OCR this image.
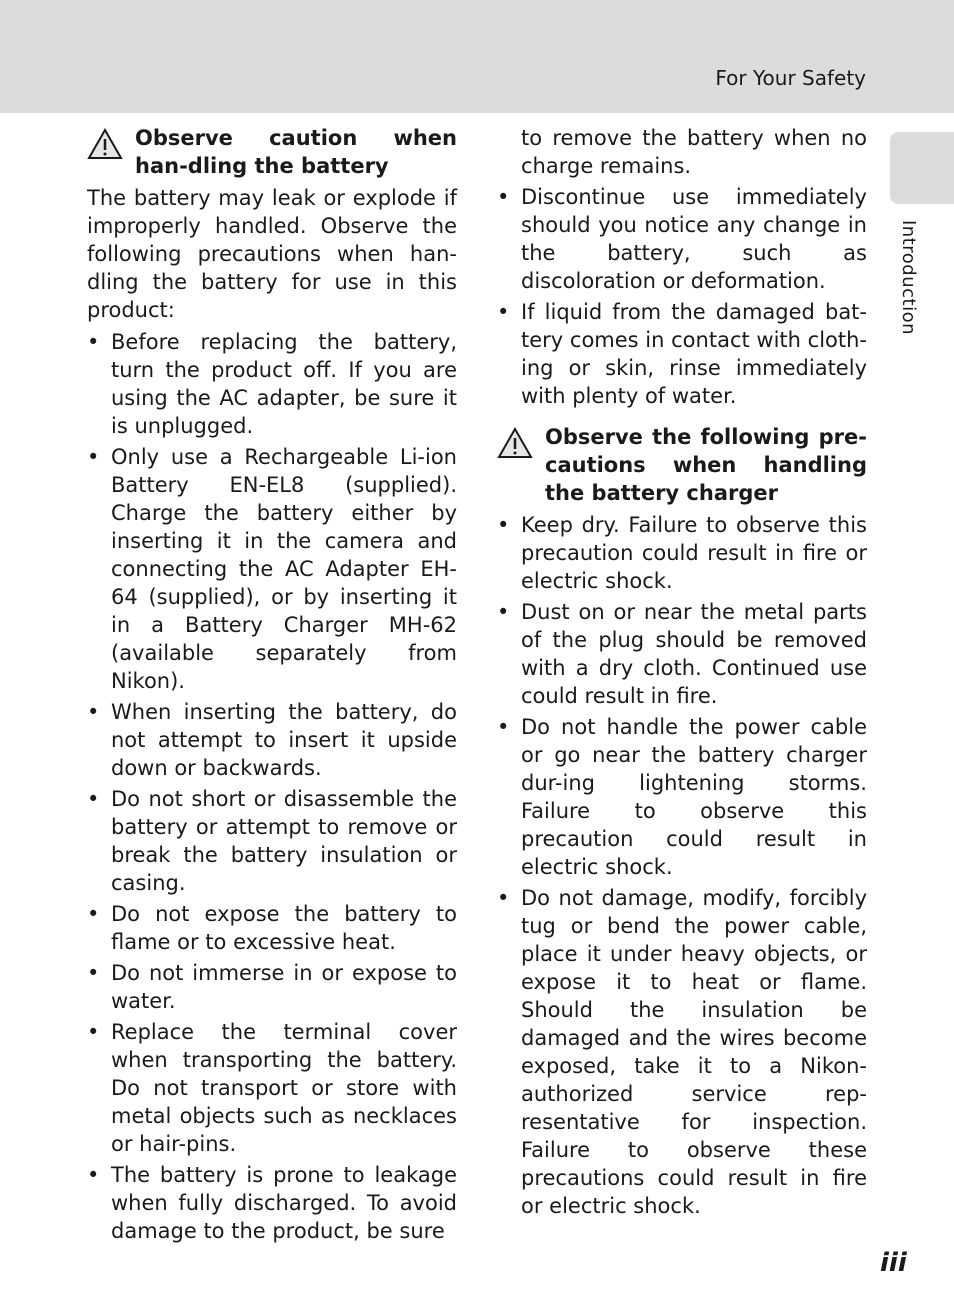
For Your Safety
Introduction
Observe caution when han-dling the battery

The battery may leak or explode if improperly handled. Observe the following precautions when han-dling the battery for use in this product:

• Before replacing the battery, turn the product off. If you are using the AC adapter, be sure it is unplugged.
• Only use a Rechargeable Li-ion Battery EN-EL8 (supplied). Charge the battery either by inserting it in the camera and connecting the AC Adapter EH-64 (supplied), or by inserting it in a Battery Charger MH-62 (available separately from Nikon).
• When inserting the battery, do not attempt to insert it upside down or backwards.
• Do not short or disassemble the battery or attempt to remove or break the battery insulation or casing.
• Do not expose the battery to flame or to excessive heat.
• Do not immerse in or expose to water.
• Replace the terminal cover when transporting the battery. Do not transport or store with metal objects such as necklaces or hair-pins.
• The battery is prone to leakage when fully discharged. To avoid damage to the product, be sure
to remove the battery when no charge remains.
• Discontinue use immediately should you notice any change in the battery, such as discoloration or deformation.
• If liquid from the damaged bat-tery comes in contact with cloth-ing or skin, rinse immediately with plenty of water.
Observe the following pre-cautions when handling the battery charger
• Keep dry. Failure to observe this precaution could result in fire or electric shock.
• Dust on or near the metal parts of the plug should be removed with a dry cloth. Continued use could result in fire.
• Do not handle the power cable or go near the battery charger dur-ing lightening storms. Failure to observe this precaution could result in electric shock.
• Do not damage, modify, forcibly tug or bend the power cable, place it under heavy objects, or expose it to heat or flame. Should the insulation be damaged and the wires become exposed, take it to a Nikon-authorized service rep-resentative for inspection. Failure to observe these precautions could result in fire or electric shock.
iii
